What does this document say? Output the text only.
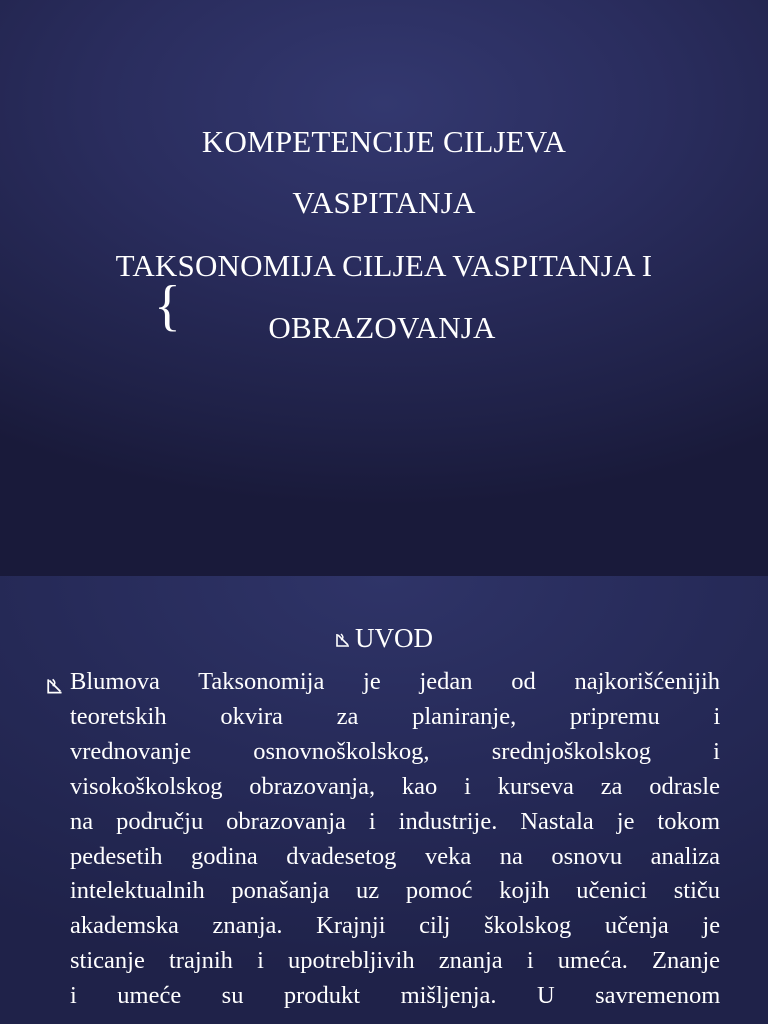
KOMPETENCIJE CILJEVA
VASPITANJA
TAKSONOMIJA CILJEA VASPITANJA I
{	OBRAZOVANJA
UVOD
Blumova Taksonomija je jedan od najkorišćenijih
teoretskih okvira za planiranje, pripremu i
vrednovanje osnovnoškolskog, srednjoškolskog i
visokoškolskog obrazovanja, kao i kurseva za odrasle
na području obrazovanja i industrije. Nastala je tokom
pedesetih godina dvadesetog veka na osnovu analiza
intelektualnih ponašanja uz pomoć kojih učenici stiču
akademska znanja. Krajnji cilj školskog učenja je
sticanje trajnih i upotrebljivih znanja i umeća. Znanje
i umeće su produkt mišljenja. U savremenom
